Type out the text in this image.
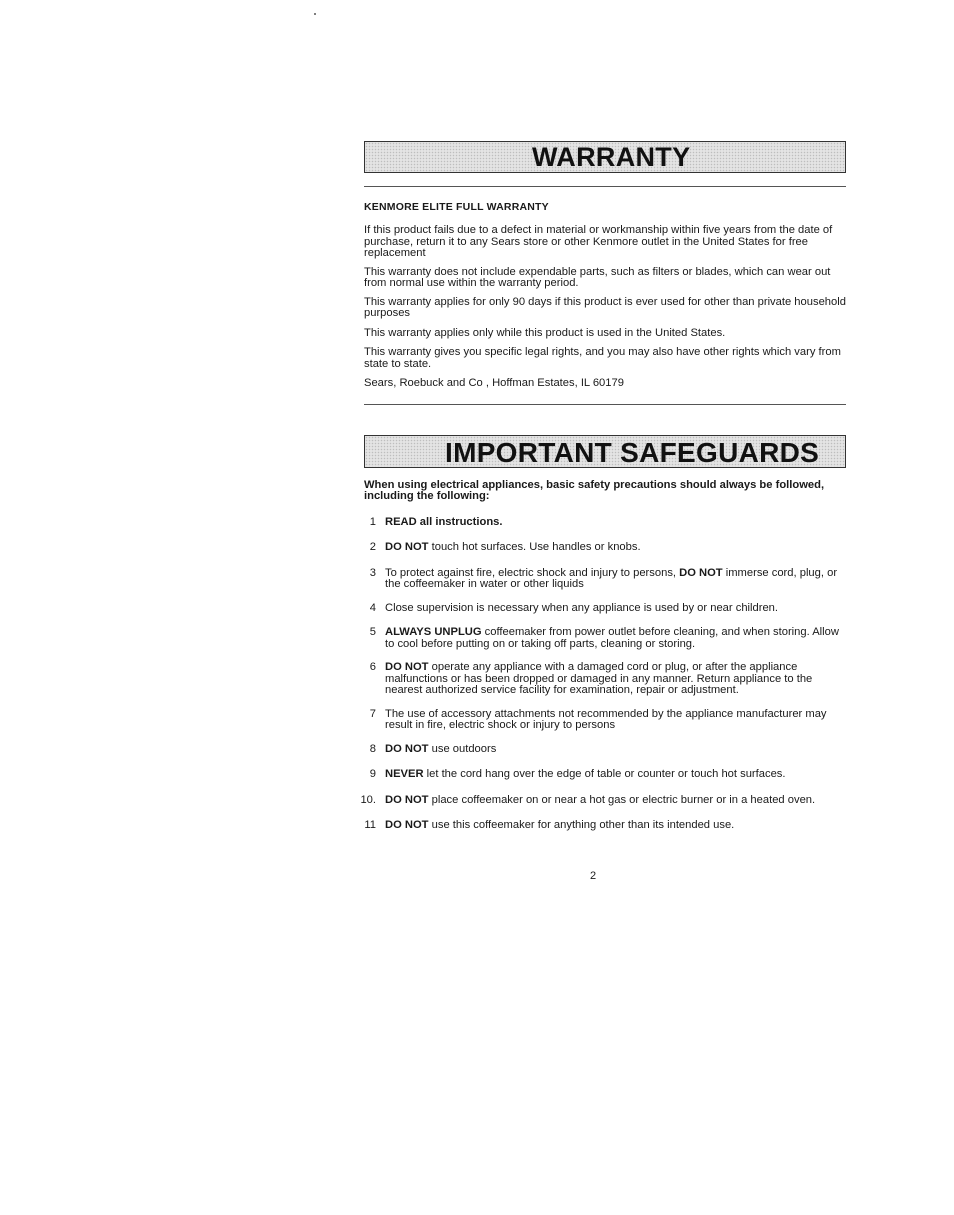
WARRANTY

KENMORE ELITE FULL WARRANTY

If this product fails due to a defect in material or workmanship within five years from the date of purchase, return it to any Sears store or other Kenmore outlet in the United States for free replacement

This warranty does not include expendable parts, such as filters or blades, which can wear out from normal use within the warranty period.

This warranty applies for only 90 days if this product is ever used for other than private household purposes

This warranty applies only while this product is used in the United States.

This warranty gives you specific legal rights, and you may also have other rights which vary from state to state.

Sears, Roebuck and Co , Hoffman Estates, IL 60179

IMPORTANT SAFEGUARDS

When using electrical appliances, basic safety precautions should always be followed, including the following:

1 READ all instructions.
2 DO NOT touch hot surfaces. Use handles or knobs.
3 To protect against fire, electric shock and injury to persons, DO NOT immerse cord, plug, or the coffeemaker in water or other liquids
4 Close supervision is necessary when any appliance is used by or near children.
5 ALWAYS UNPLUG coffeemaker from power outlet before cleaning, and when storing. Allow to cool before putting on or taking off parts, cleaning or storing.
6 DO NOT operate any appliance with a damaged cord or plug, or after the appliance malfunctions or has been dropped or damaged in any manner. Return appliance to the nearest authorized service facility for examination, repair or adjustment.
7 The use of accessory attachments not recommended by the appliance manufacturer may result in fire, electric shock or injury to persons
8 DO NOT use outdoors
9 NEVER let the cord hang over the edge of table or counter or touch hot surfaces.
10. DO NOT place coffeemaker on or near a hot gas or electric burner or in a heated oven.
11 DO NOT use this coffeemaker for anything other than its intended use.
2
